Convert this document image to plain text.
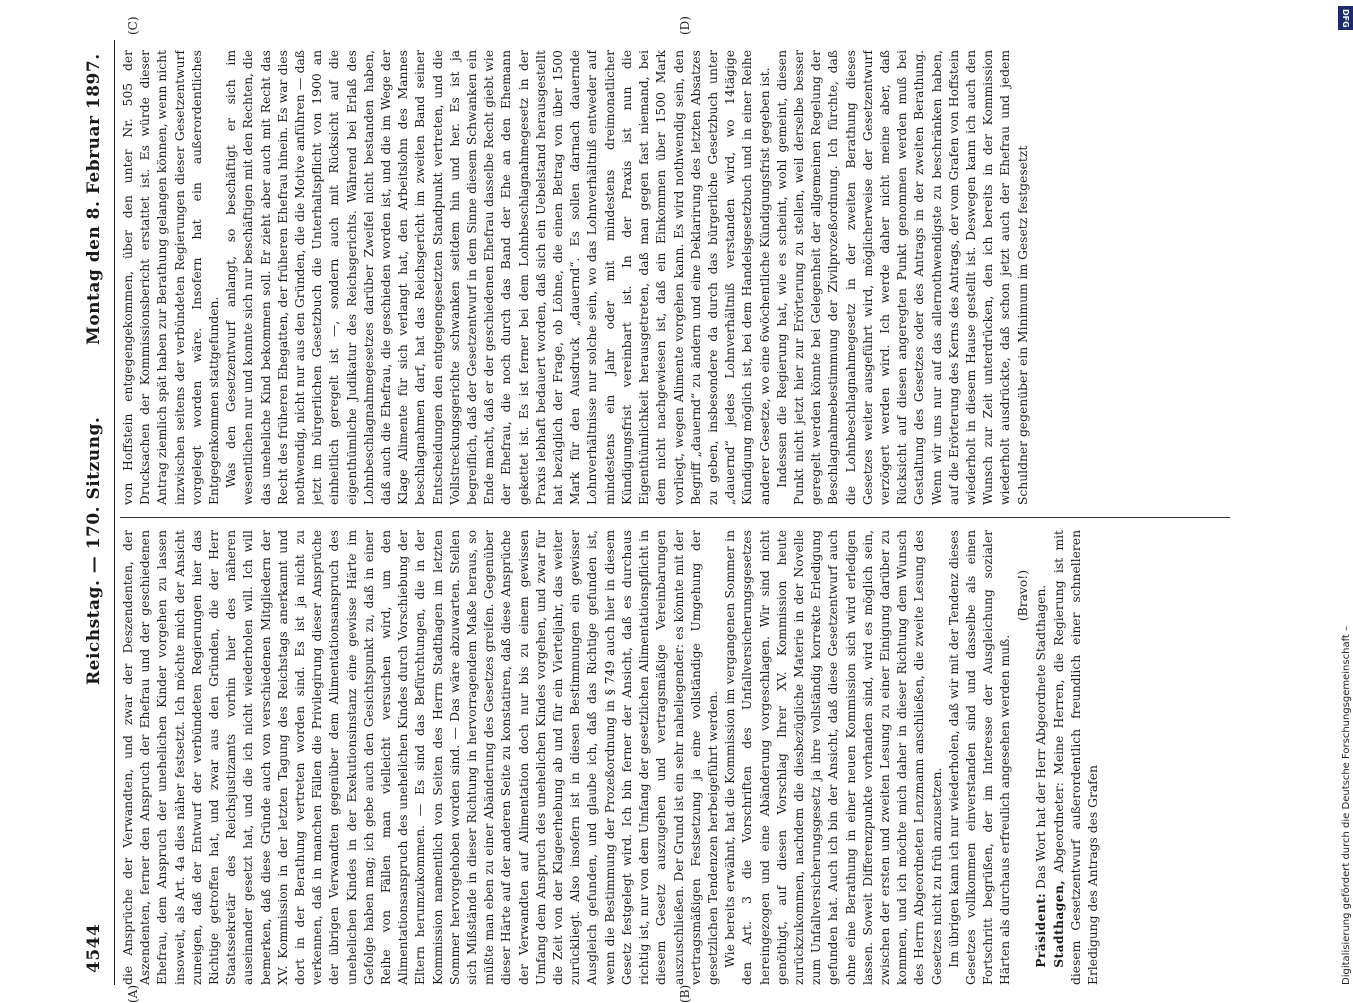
4544
Reichstag. — 170. Sitzung.
Montag den 8. Februar 1897.
(A)	(B)
(C)	(D)

die Ansprüche der Verwandten, und zwar der Deszendenten, der Aszendenten, ferner den Anspruch der Ehefrau und der geschiedenen Ehefrau, dem Anspruch der unehelichen Kinder vorgehen zu lassen insoweit, als Art. 4a dies näher festsetzt. Ich möchte mich der Ansicht zuneigen, daß der Entwurf der verbündeten Regierungen hier das Richtige getroffen hat, und zwar aus den Gründen, die der Herr Staatssekretär des Reichsjustizamts vorhin hier des näheren auseinander gesetzt hat, und die ich nicht wiederholen will. Ich will bemerken, daß diese Gründe auch von verschiedenen Mitgliedern der XV. Kommission in der letzten Tagung des Reichstags anerkannt und dort in der Berathung vertreten worden sind. Es ist ja nicht zu verkennen, daß in manchen Fällen die Privilegirung dieser Ansprüche der übrigen Verwandten gegenüber dem Alimentationsanspruch des unehelichen Kindes in der Exekutionsinstanz eine gewisse Härte im Gefolge haben mag; ich gebe auch den Gesichtspunkt zu, daß in einer Reihe von Fällen man vielleicht versuchen wird, um den Alimentationsanspruch des unehelichen Kindes durch Vorschiebung der Eltern herumzukommen. — Es sind das Befürchtungen, die in der Kommission namentlich von Seiten des Herrn Stadthagen im letzten Sommer hervorgehoben worden sind. — Das wäre abzuwarten. Stellen sich Mißstände in dieser Richtung in hervorragendem Maße heraus, so müßte man eben zu einer Abänderung des Gesetzes greifen. Gegenüber dieser Härte auf der anderen Seite zu konstatiren, daß diese Ansprüche der Verwandten auf Alimentation doch nur bis zu einem gewissen Umfang dem Anspruch des unehelichen Kindes vorgehen, und zwar für die Zeit von der Klageerhebung ab und für ein Vierteljahr, das weiter zurückliegt. Also insofern ist in diesen Bestimmungen ein gewisser Ausgleich gefunden, und glaube ich, daß das Richtige gefunden ist, wenn die Bestimmung der Prozeßordnung in § 749 auch hier in diesem Gesetz festgelegt wird. Ich bin ferner der Ansicht, daß es durchaus richtig ist, nur von dem Umfang der gesetzlichen Alimentationspflicht in diesem Gesetz auszugehen und vertragsmäßige Vereinbarungen auszuschließen. Der Grund ist ein sehr naheliegender: es könnte mit der vertragsmäßigen Festsetzung ja eine vollständige Umgehung der gesetzlichen Tendenzen herbeigeführt werden. Wie bereits erwähnt, hat die Kommission im vergangenen Sommer in den Art. 3 die Vorschriften des Unfallversicherungsgesetzes hereingezogen und eine Abänderung vorgeschlagen. Wir sind nicht genöthigt, auf diesen Vorschlag Ihrer XV. Kommission heute zurückzukommen, nachdem die diesbezügliche Materie in der Novelle zum Unfallversicherungsgesetz ja ihre vollständig korrekte Erledigung gefunden hat. Auch ich bin der Ansicht, daß diese Gesetzentwurf auch ohne eine Berathung in einer neuen Kommission sich wird erledigen lassen. Soweit Differenzpunkte vorhanden sind, wird es möglich sein, zwischen der ersten und zweiten Lesung zu einer Einigung darüber zu kommen, und ich möchte mich daher in dieser Richtung dem Wunsch des Herrn Abgeordneten Lenzmann anschließen, die zweite Lesung des Gesetzes nicht zu früh anzusetzen. Im übrigen kann ich nur wiederholen, daß wir mit der Tendenz dieses Gesetzes vollkommen einverstanden sind und dasselbe als einen Fortschritt begrüßen, der im Interesse der Ausgleichung sozialer Härten als durchaus erfreulich angesehen werden muß.

(Bravo!)

Präsident: Das Wort hat der Herr Abgeordnete Stadthagen.

Stadthagen, Abgeordneter: Meine Herren, die Regierung ist mit diesem Gesetzentwurf außerordentlich freundlich einer schnelleren Erledigung des Antrags des Grafen

von Hoffstein entgegengekommen, über den unter Nr. 505 der Drucksachen der Kommissionsbericht erstattet ist. Es würde dieser Antrag ziemlich spät haben zur Berathung gelangen können, wenn nicht inzwischen seitens der verbündeten Regierungen dieser Gesetzentwurf vorgelegt worden wäre. Insofern hat ein außerordentliches Entgegenkommen stattgefunden. Was den Gesetzentwurf anlangt, so beschäftigt er sich im wesentlichen nur und konnte sich nur beschäftigen mit den Rechten, die das uneheliche Kind bekommen soll. Er zieht aber auch mit Recht das Recht des früheren Ehegatten, der früheren Ehefrau hinein. Es war dies nothwendig, nicht nur aus den Gründen, die die Motive anführen — daß jetzt im bürgerlichen Gesetzbuch die Unterhaltspflicht von 1900 an einheitlich geregelt ist —, sondern auch mit Rücksicht auf die eigenthümliche Judikatur des Reichsgerichts. Während bei Erlaß des Lohnbeschlagnahmegesetzes darüber Zweifel nicht bestanden haben, daß auch die Ehefrau, die geschieden worden ist, und die im Wege der Klage Alimente für sich verlangt hat, den Arbeitslohn des Mannes beschlagnahmen darf, hat das Reichsgericht im zweiten Band seiner Entscheidungen den entgegengesetzten Standpunkt vertreten, und die Vollstreckungsgerichte schwanken seitdem hin und her. Es ist ja begreiflich, daß der Gesetzentwurf in dem Sinne diesem Schwanken ein Ende macht, daß er der geschiedenen Ehefrau dasselbe Recht giebt wie der Ehefrau, die noch durch das Band der Ehe an den Ehemann gekettet ist. Es ist ferner bei dem Lohnbeschlagnahmegesetz in der Praxis lebhaft bedauert worden, daß sich ein Uebelstand herausgestellt hat bezüglich der Frage, ob Löhne, die einen Betrag von über 1500 Mark für den Ausdruck „dauernd“. Es sollen darnach dauernde Lohnverhältnisse nur solche sein, wo das Lohnverhältniß entweder auf mindestens ein Jahr oder mit mindestens dreimonatlicher Kündigungsfrist vereinbart ist. In der Praxis ist nun die Eigenthümlichkeit herausgetreten, daß man gegen fast niemand, bei dem nicht nachgewiesen ist, daß ein Einkommen über 1500 Mark vorliegt, wegen Alimente vorgehen kann. Es wird nothwendig sein, den Begriff „dauernd“ zu ändern und eine Deklarirung des letzten Absatzes zu geben, insbesondere da durch das bürgerliche Gesetzbuch unter „dauernd“ jedes Lohnverhältniß verstanden wird, wo 14tägige Kündigung möglich ist, bei dem Handelsgesetzbuch und in einer Reihe anderer Gesetze, wo eine 6wöchentliche Kündigungsfrist gegeben ist. Indessen die Regierung hat, wie es scheint, wohl gemeint, diesen Punkt nicht jetzt hier zur Erörterung zu stellen, weil derselbe besser geregelt werden könnte bei Gelegenheit der allgemeinen Regelung der Beschlagnahmebestimmung der Zivilprozeßordnung. Ich fürchte, daß die Lohnbeschlagnahmegesetz in der zweiten Berathung dieses Gesetzes weiter ausgeführt wird, möglicherweise der Gesetzentwurf verzögert werden wird. Ich werde daher nicht meine aber, daß Rücksicht auf diesen angeregten Punkt genommen werden muß bei Gestaltung des Gesetzes oder des Antrags in der zweiten Berathung. Wenn wir uns nur auf das allernothwendigste zu beschränken haben, auf die Erörterung des Kerns des Antrags, der vom Grafen von Hoffstein wiederholt in diesem Hause gestellt ist. Deswegen kann ich auch den Wunsch zur Zeit unterdrücken, den ich bereits in der Kommission wiederholt ausdrückte, daß schon jetzt auch der Ehefrau und jedem Schuldner gegenüber ein Minimum im Gesetz festgesetzt

DFG
Digitalisierung gefördert durch die Deutsche Forschungsgemeinschaft –
